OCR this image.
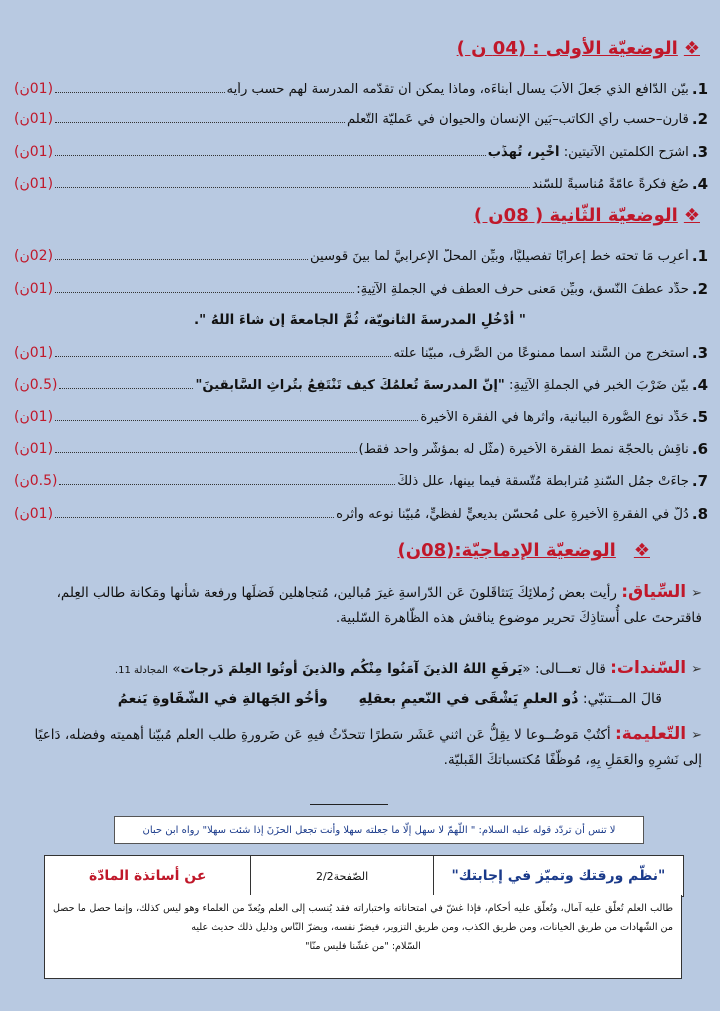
❖الوضعيّة الأولى : (04 ن )
1.
بيّن الدّافع الذي جَعلَ الأبَ يسأل أبناءَه، وماذا يمكن أن تقدّمه المدرسة لهم حسب رأيه
(01ن)
2.
قارن–حسب رأي الكاتب–بَين الإنسان والحيوان في عَمليّة التّعلّم
(01ن)
3.
اشرَح الكلمتين الآتيتين: أَخْبِر، تُهذِّب
(01ن)
4.
صُغ فكرةً عامّةً مُناسبةً للسّند
(01ن)
❖الوضعيّة الثّانية ( 08ن )
1.
أعرِب مَا تحته خط إعرابًا تفصيليًّا، وبيِّن المحلَّ الإعرابيَّ لما بينَ قوسين
(02ن)
2.
حدِّد عطفَ النّسق، وبيِّن مَعنى حرف العطف في الجملةِ الآتِيةِ:
(01ن)
" أدْخُلِ المدرسةَ الثانويّة، ثُمَّ الجامعةَ إن شاءَ اللهُ ".
3.
استخرج من السَّند اسما ممنوعًا من الصَّرف، مبيّنا علّته
(01ن)
4.
بيّن ضَرْبَ الخبر في الجملةِ الآتِيةِ: "إنَّ المدرسةَ تُعلِّمُكَ كيف تَنْتَفِعُ بتُراثِ السَّابقينَ"
(0.5ن)
5.
حَدِّد نوع الصُّورة البيانية، وأثرها في الفقرة الأخيرة
(01ن)
6.
ناقِش بالحجّة نمط الفقرة الأخيرة (مثّل له بمؤشّر واحد فقط)
(01ن)
7.
جاءَتْ جمُل السّندِ مُترابطة مُتّسقة فيما بينها، علّل ذلكَ
(0.5ن)
8.
دُلّ في الفقرةِ الأخيرةِ على مُحسّنٍ بديعيٍّ لفظيٍّ، مُبيّنا نوعه وأثره
(01ن)
❖الوضعيّة الإدماجيّة:(08ن)
➢السِّياق: رأيت بعض زُملائِكَ يَتثاقَلونَ عَن الدّراسةِ غيرَ مُبالين، مُتجاهلين فَضلَها ورفعة شأنها ومَكانة طالب العِلم، فاقترحتَ على أُستاذِكَ تحرير موضوع يناقش هذه الظّاهرة السّلبية.
➢السّندات: قال تعـــالى: «يَرفَعِ اللهُ الذينَ آمَنُوا مِنْكُم والذينَ أوتُوا العِلمَ دَرجات» المجادلة 11.
قالَ المــتنبّي: ذُو العلمِ يَشْقَى في النّعيمِ بعقلِهِ  وأخُو الجَهالةِ في الشّقَاوةِ يَنعمُ
➢التّعليمة: أكتُبْ مَوضُــوعا لا يقِلُّ عَن اثني عَشَر سَطرًا تتحدّثُ فيهِ عَن ضَرورةِ طلب العلم مُبيّنا أهميته وفضله، دَاعيًا إلى نَشرِهِ والعَمَلِ بِهِ، مُوظّفًا مُكتسباتكَ القَبليّة.
لا تنس أن تردّد قوله عليه السلام: " اللّهمّ لا سهل إلّا ما جعلته سهلا وأنت تجعل الحزَنَ إذا شئت سهلا" رواه ابن حبان
"نظّم ورقتك وتميّز في إجابتك"
الصّفحة2/2
عن أساتذة المادّة
طالب العلم تُعلّق عليه آمال، وتُعلّق عليه أحكام، فإذا غشّ في امتحاناته واختباراته فقد يُنسب إلى العلم ويُعدّ من العلماء وهو ليس كذلك، وإنما حصل ما حصل من الشّهادات من طريق الخيانات، ومن طريق الكذب، ومن طريق التزوير، فيضرّ نفسه، ويضرّ النّاس ودليل ذلك حديث عليه
السّلام: "من غشّنا فليس منّا"
